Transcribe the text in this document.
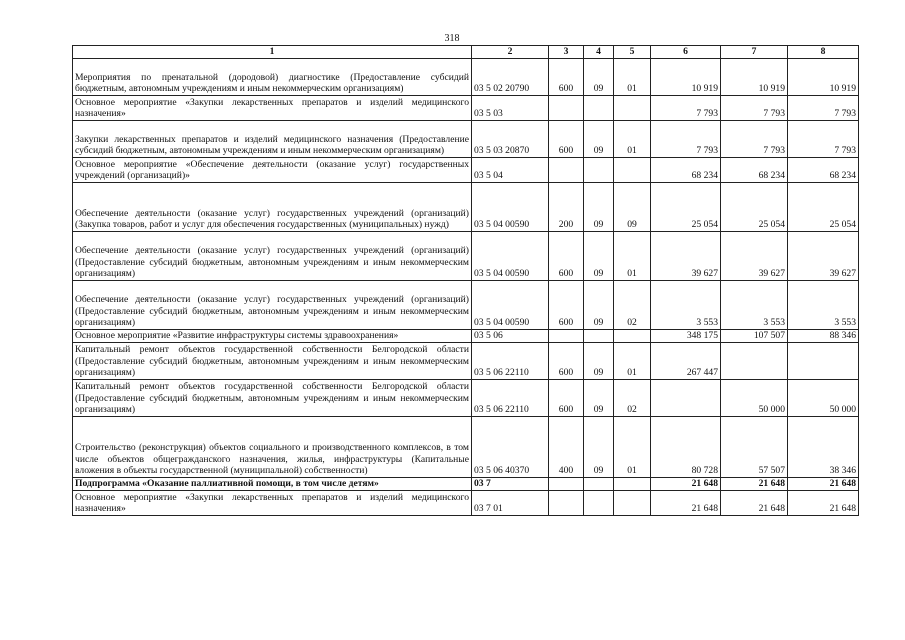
318
1	2	3	4	5	6	7	8
Мероприятия по пренатальной (дородовой) диагностике (Предоставление субсидий бюджетным, автономным учреждениям и иным некоммерческим организациям)	03 5 02 20790	600	09	01	10 919	10 919	10 919
Основное мероприятие «Закупки лекарственных препаратов и изделий медицинского назначения»	03 5 03				7 793	7 793	7 793
Закупки лекарственных препаратов и изделий медицинского назначения (Предоставление субсидий бюджетным, автономным учреждениям и иным некоммерческим организациям)	03 5 03 20870	600	09	01	7 793	7 793	7 793
Основное мероприятие «Обеспечение деятельности (оказание услуг) государственных учреждений (организаций)»	03 5 04				68 234	68 234	68 234
Обеспечение деятельности (оказание услуг) государственных учреждений (организаций) (Закупка товаров, работ и услуг для обеспечения государственных (муниципальных) нужд)	03 5 04 00590	200	09	09	25 054	25 054	25 054
Обеспечение деятельности (оказание услуг) государственных учреждений (организаций) (Предоставление субсидий бюджетным, автономным учреждениям и иным некоммерческим организациям)	03 5 04 00590	600	09	01	39 627	39 627	39 627
Обеспечение деятельности (оказание услуг) государственных учреждений (организаций) (Предоставление субсидий бюджетным, автономным учреждениям и иным некоммерческим организациям)	03 5 04 00590	600	09	02	3 553	3 553	3 553
Основное мероприятие «Развитие инфраструктуры системы здравоохранения»	03 5 06				348 175	107 507	88 346
Капитальный ремонт объектов государственной собственности Белгородской области (Предоставление субсидий бюджетным, автономным учреждениям и иным некоммерческим организациям)	03 5 06 22110	600	09	01	267 447		
Капитальный ремонт объектов государственной собственности Белгородской области (Предоставление субсидий бюджетным, автономным учреждениям и иным некоммерческим организациям)	03 5 06 22110	600	09	02		50 000	50 000
Строительство (реконструкция) объектов социального и производственного комплексов, в том числе объектов общегражданского назначения, жилья, инфраструктуры (Капитальные вложения в объекты государственной (муниципальной) собственности)	03 5 06 40370	400	09	01	80 728	57 507	38 346
Подпрограмма «Оказание паллиативной помощи, в том числе детям»	03 7				21 648	21 648	21 648
Основное мероприятие «Закупки лекарственных препаратов и изделий медицинского назначения»	03 7 01				21 648	21 648	21 648
